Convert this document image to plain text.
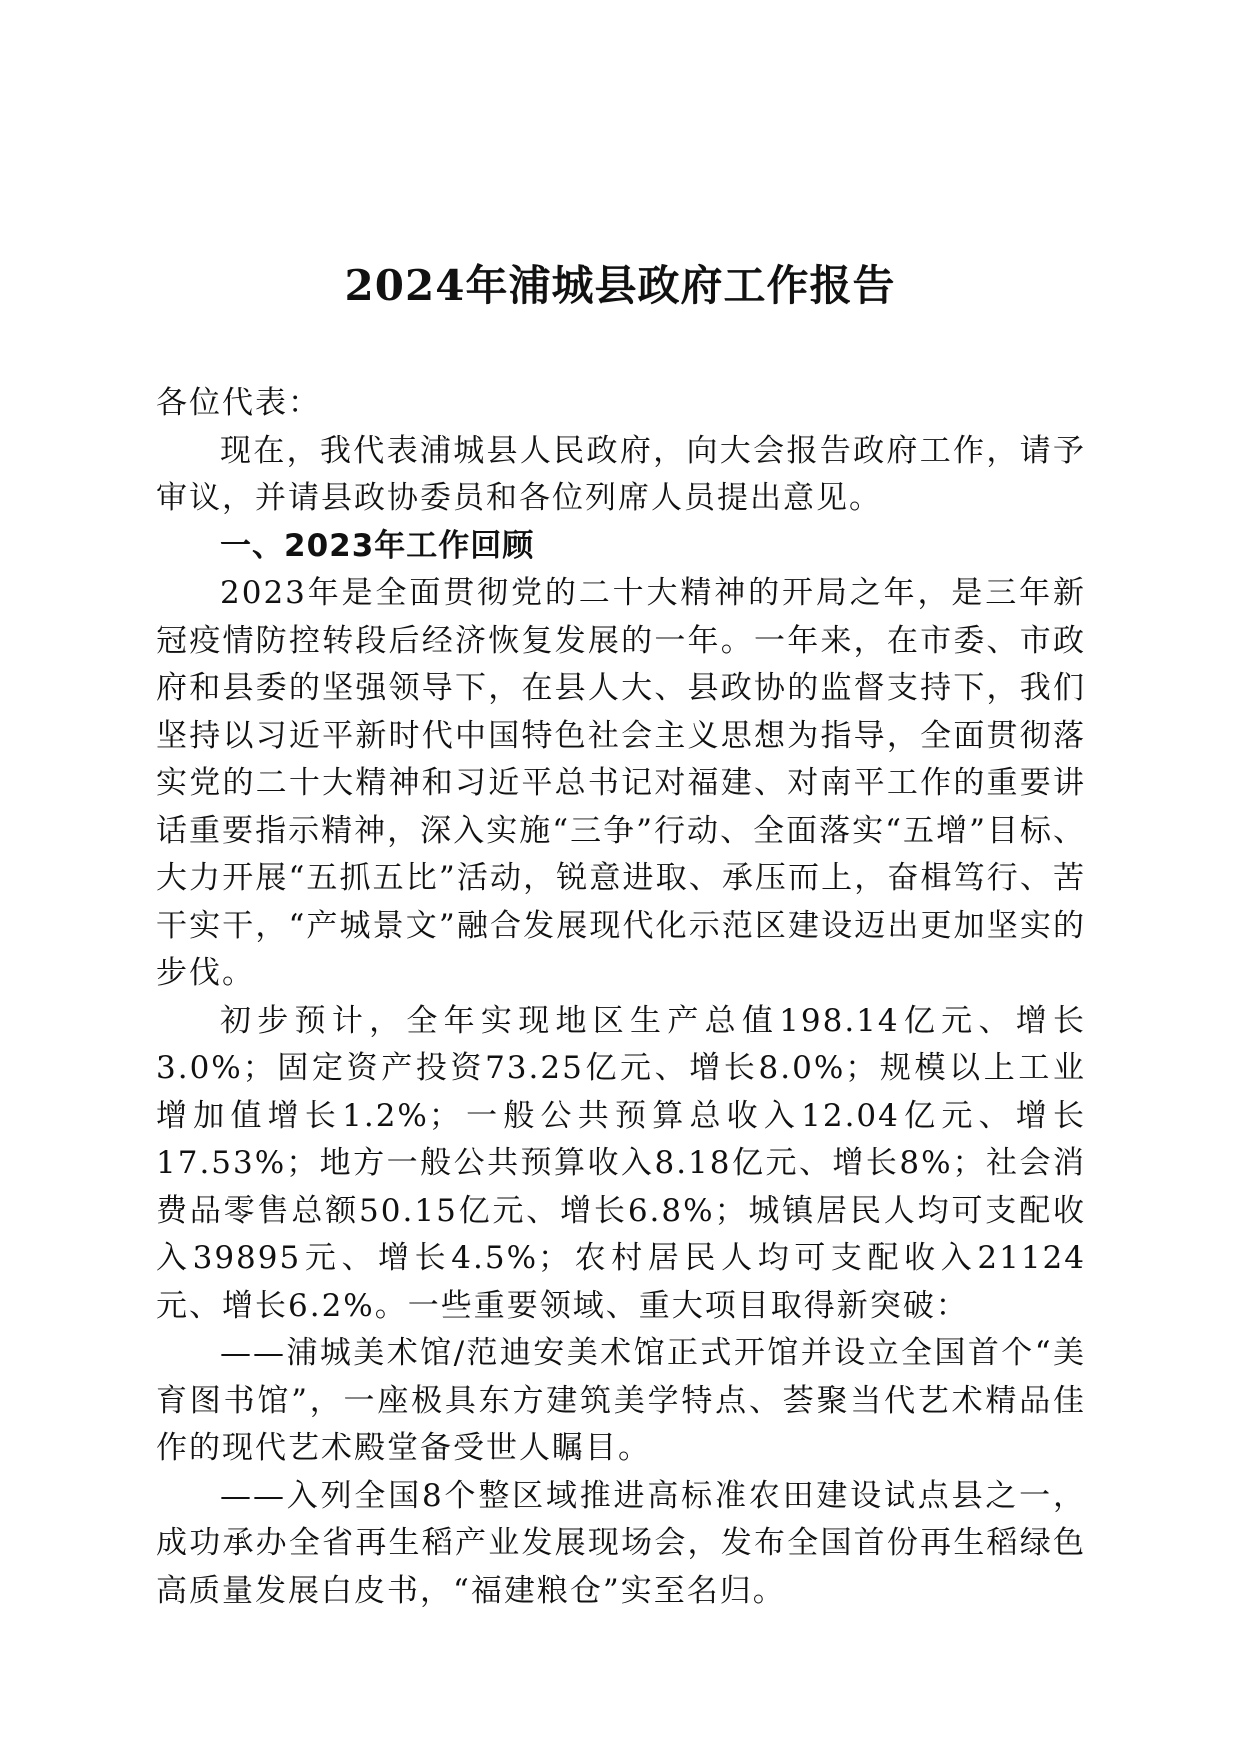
2024年浦城县政府工作报告

各位代表：

现在，我代表浦城县人民政府，向大会报告政府工作，请予审议，并请县政协委员和各位列席人员提出意见。

一、2023年工作回顾

2023年是全面贯彻党的二十大精神的开局之年，是三年新冠疫情防控转段后经济恢复发展的一年。一年来，在市委、市政府和县委的坚强领导下，在县人大、县政协的监督支持下，我们坚持以习近平新时代中国特色社会主义思想为指导，全面贯彻落实党的二十大精神和习近平总书记对福建、对南平工作的重要讲话重要指示精神，深入实施“三争”行动、全面落实“五增”目标、大力开展“五抓五比”活动，锐意进取、承压而上，奋楫笃行、苦干实干，“产城景文”融合发展现代化示范区建设迈出更加坚实的步伐。

初步预计，全年实现地区生产总值198.14亿元、增长3.0%；固定资产投资73.25亿元、增长8.0%；规模以上工业增加值增长1.2%；一般公共预算总收入12.04亿元、增长17.53%；地方一般公共预算收入8.18亿元、增长8%；社会消费品零售总额50.15亿元、增长6.8%；城镇居民人均可支配收入39895元、增长4.5%；农村居民人均可支配收入21124元、增长6.2%。一些重要领域、重大项目取得新突破：

——浦城美术馆/范迪安美术馆正式开馆并设立全国首个“美育图书馆”，一座极具东方建筑美学特点、荟聚当代艺术精品佳作的现代艺术殿堂备受世人瞩目。

——入列全国8个整区域推进高标准农田建设试点县之一，成功承办全省再生稻产业发展现场会，发布全国首份再生稻绿色高质量发展白皮书，“福建粮仓”实至名归。
